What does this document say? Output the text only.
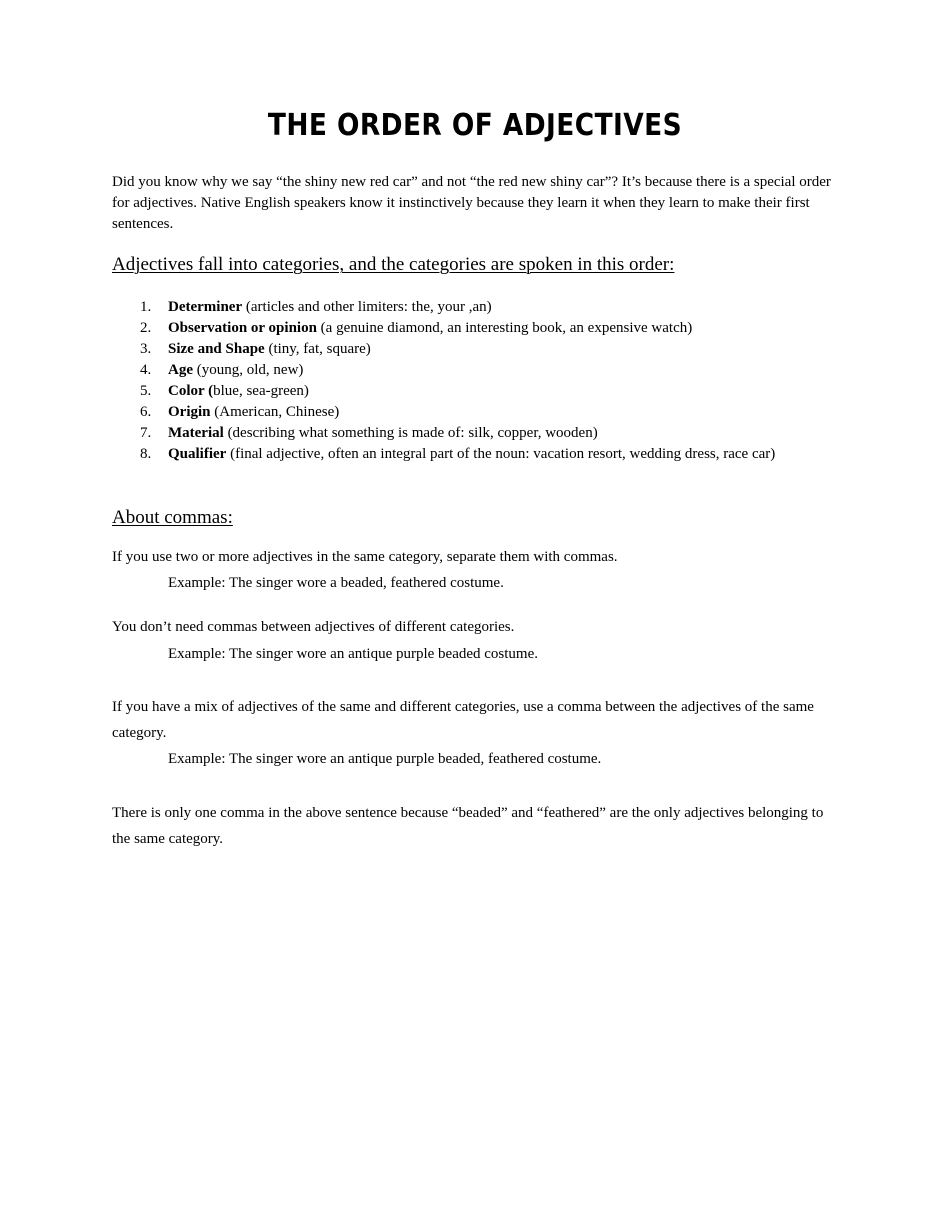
THE ORDER OF ADJECTIVES
Did you know why we say “the shiny new red car” and not “the red new shiny car”? It’s because there is a special order for adjectives. Native English speakers know it instinctively because they learn it when they learn to make their first sentences.
Adjectives fall into categories, and the categories are spoken in this order:
1. Determiner (articles and other limiters: the, your ,an)
2. Observation or opinion (a genuine diamond, an interesting book, an expensive watch)
3. Size and Shape (tiny, fat, square)
4. Age (young, old, new)
5. Color (blue, sea-green)
6. Origin (American, Chinese)
7. Material (describing what something is made of: silk, copper, wooden)
8. Qualifier (final adjective, often an integral part of the noun: vacation resort, wedding dress, race car)
About commas:
If you use two or more adjectives in the same category, separate them with commas.
Example: The singer wore a beaded, feathered costume.
You don’t need commas between adjectives of different categories.
Example: The singer wore an antique purple beaded costume.
If you have a mix of adjectives of the same and different categories, use a comma between the adjectives of the same category.
Example: The singer wore an antique purple beaded, feathered costume.
There is only one comma in the above sentence because “beaded” and “feathered” are the only adjectives belonging to the same category.
